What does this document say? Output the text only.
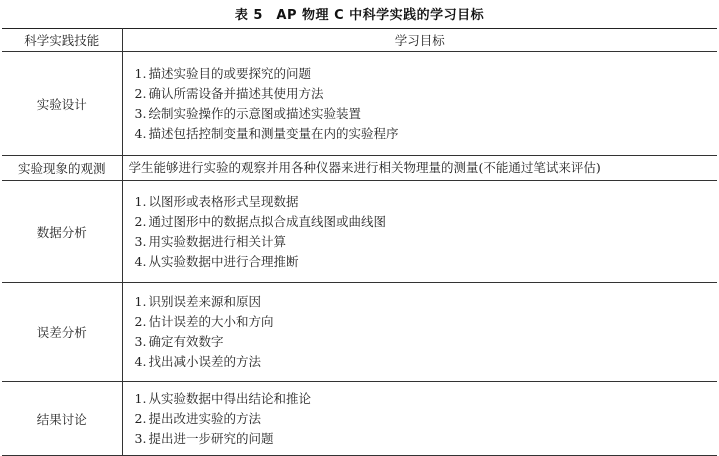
表 5　AP 物理 C 中科学实践的学习目标
科学实践技能	学习目标
实验设计	1. 描述实验目的或要探究的问题
2. 确认所需设备并描述其使用方法
3. 绘制实验操作的示意图或描述实验装置
4. 描述包括控制变量和测量变量在内的实验程序

实验现象的观测	学生能够进行实验的观察并用各种仪器来进行相关物理量的测量(不能通过笔试来评估)

数据分析	1. 以图形或表格形式呈现数据
2. 通过图形中的数据点拟合成直线图或曲线图
3. 用实验数据进行相关计算
4. 从实验数据中进行合理推断

误差分析	1. 识别误差来源和原因
2. 估计误差的大小和方向
3. 确定有效数字
4. 找出减小误差的方法

结果讨论	1. 从实验数据中得出结论和推论
2. 提出改进实验的方法
3. 提出进一步研究的问题
